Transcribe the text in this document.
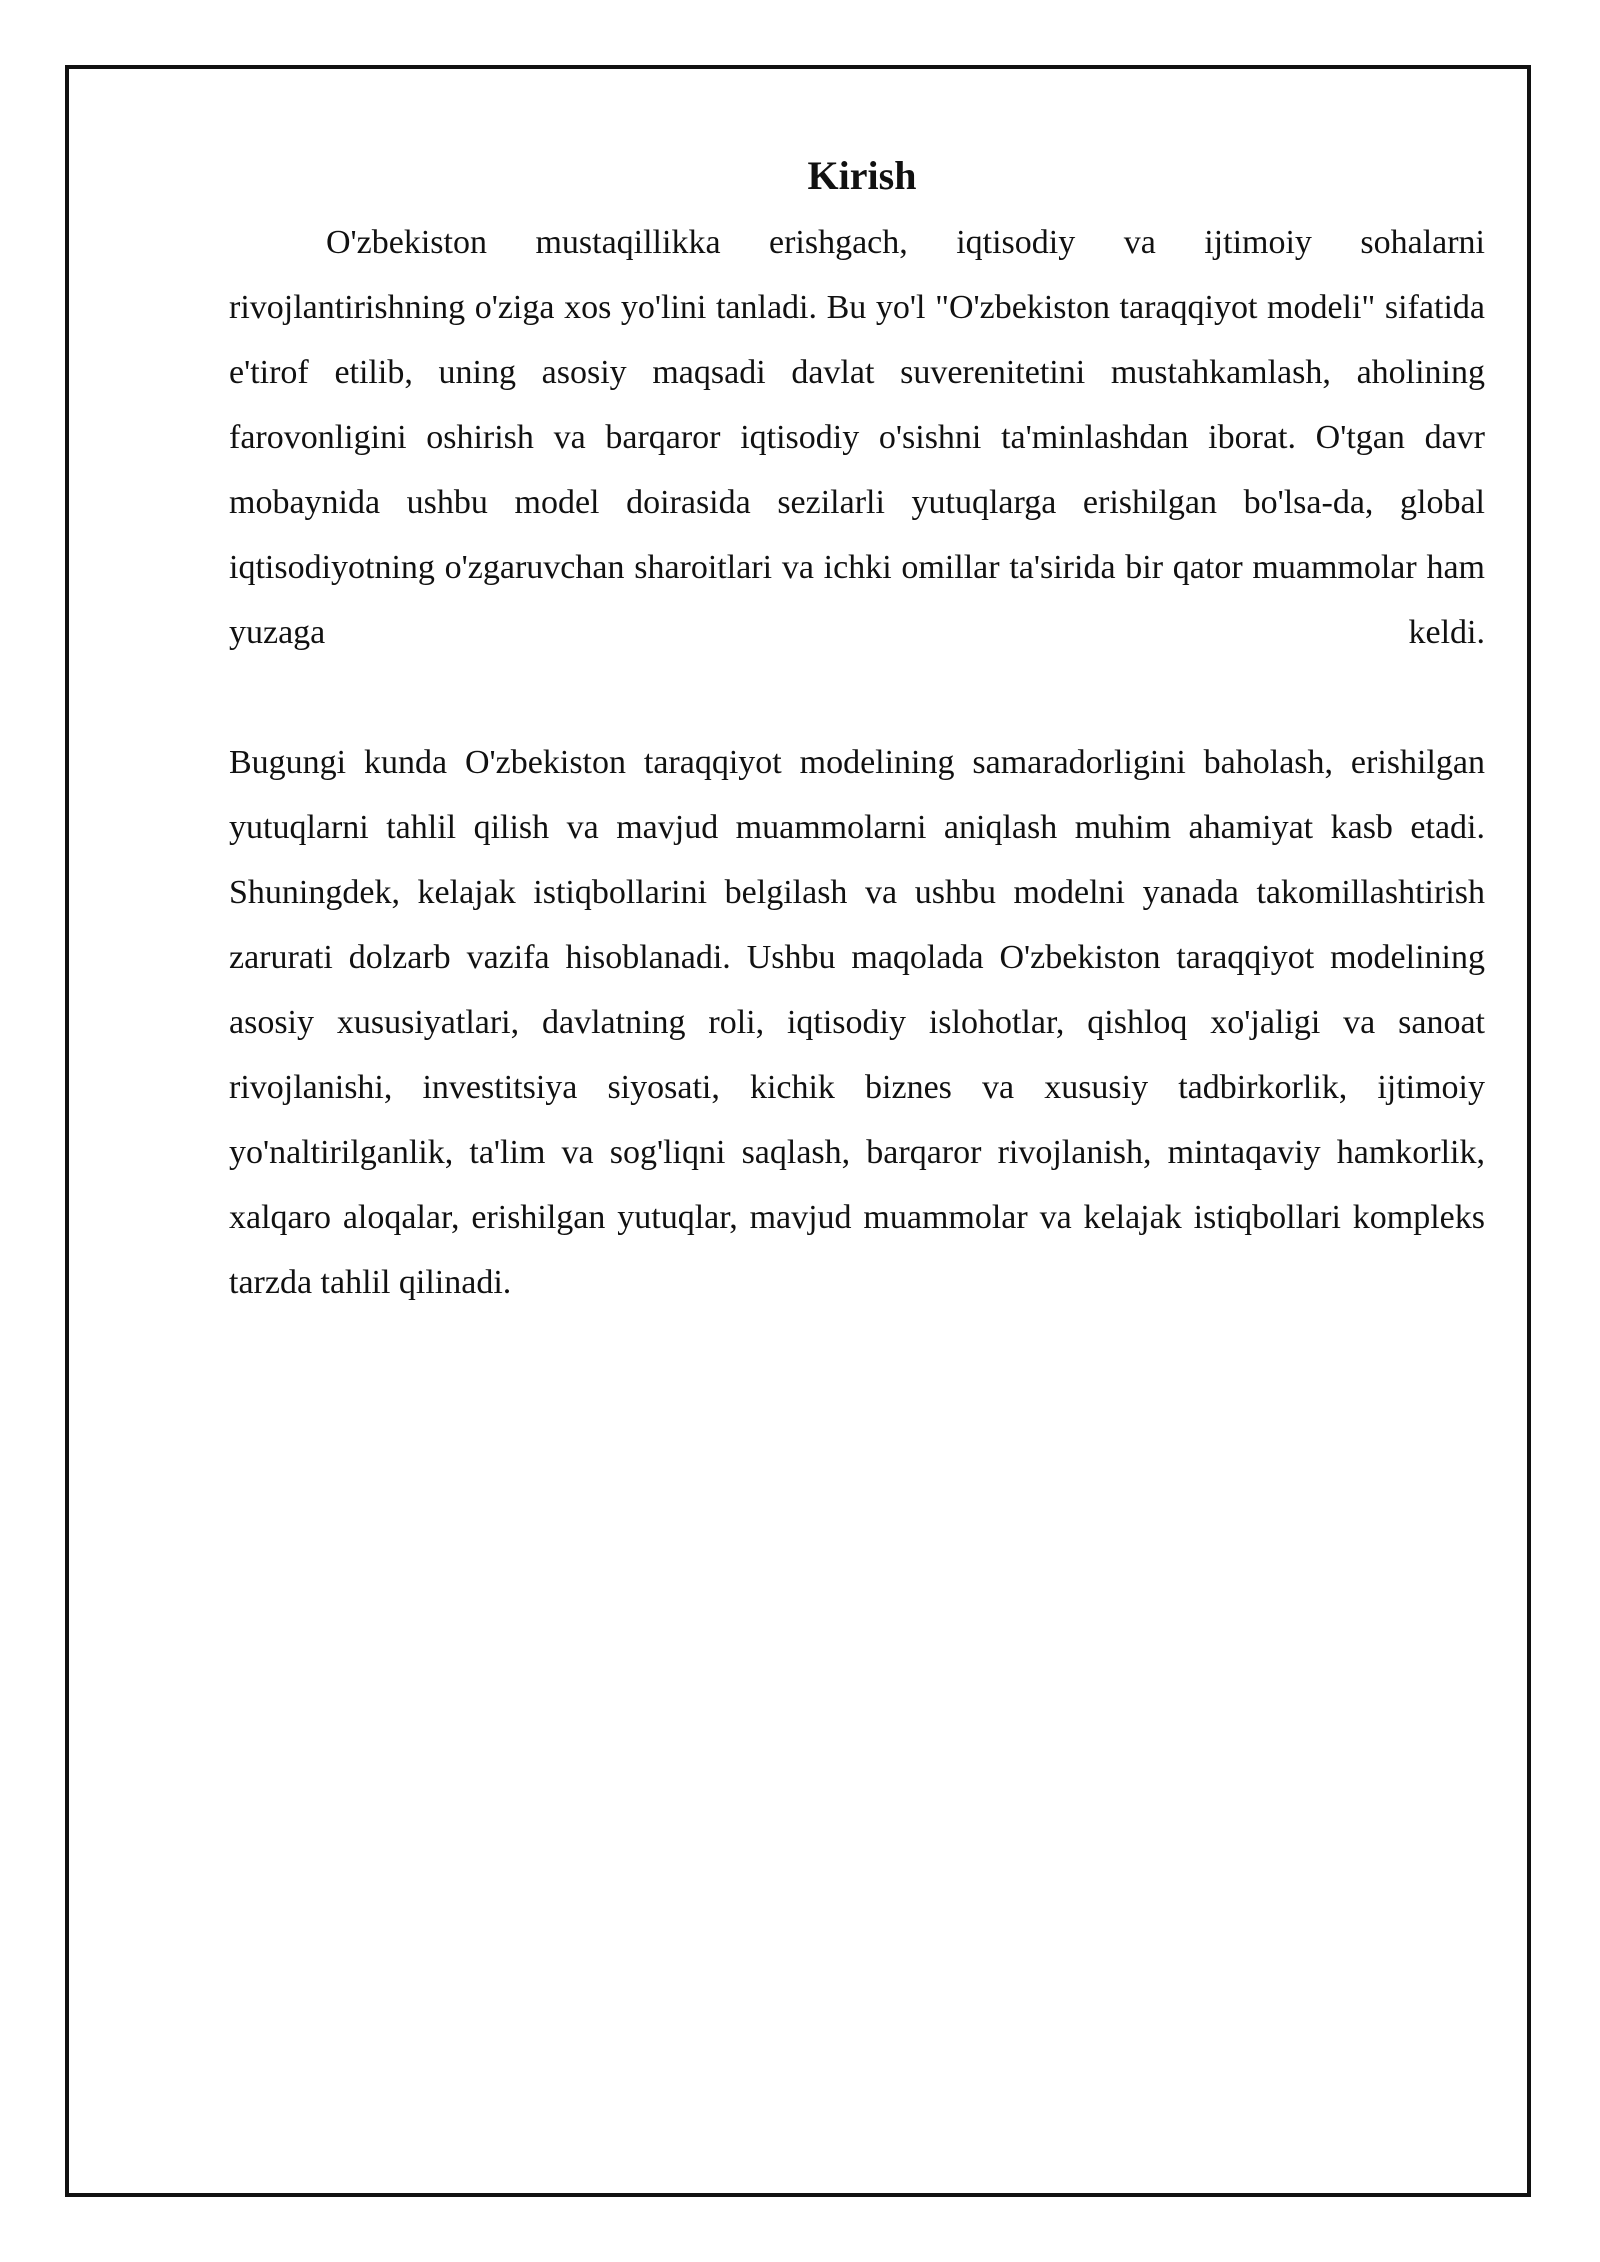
Kirish

O'zbekiston mustaqillikka erishgach, iqtisodiy va ijtimoiy sohalarni rivojlantirishning o'ziga xos yo'lini tanladi. Bu yo'l "O'zbekiston taraqqiyot modeli" sifatida e'tirof etilib, uning asosiy maqsadi davlat suverenitetini mustahkamlash, aholining farovonligini oshirish va barqaror iqtisodiy o'sishni ta'minlashdan iborat. O'tgan davr mobaynida ushbu model doirasida sezilarli yutuqlarga erishilgan bo'lsa-da, global iqtisodiyotning o'zgaruvchan sharoitlari va ichki omillar ta'sirida bir qator muammolar ham yuzaga keldi.

Bugungi kunda O'zbekiston taraqqiyot modelining samaradorligini baholash, erishilgan yutuqlarni tahlil qilish va mavjud muammolarni aniqlash muhim ahamiyat kasb etadi. Shuningdek, kelajak istiqbollarini belgilash va ushbu modelni yanada takomillashtirish zarurati dolzarb vazifa hisoblanadi. Ushbu maqolada O'zbekiston taraqqiyot modelining asosiy xususiyatlari, davlatning roli, iqtisodiy islohotlar, qishloq xo'jaligi va sanoat rivojlanishi, investitsiya siyosati, kichik biznes va xususiy tadbirkorlik, ijtimoiy yo'naltirilganlik, ta'lim va sog'liqni saqlash, barqaror rivojlanish, mintaqaviy hamkorlik, xalqaro aloqalar, erishilgan yutuqlar, mavjud muammolar va kelajak istiqbollari kompleks tarzda tahlil qilinadi.
